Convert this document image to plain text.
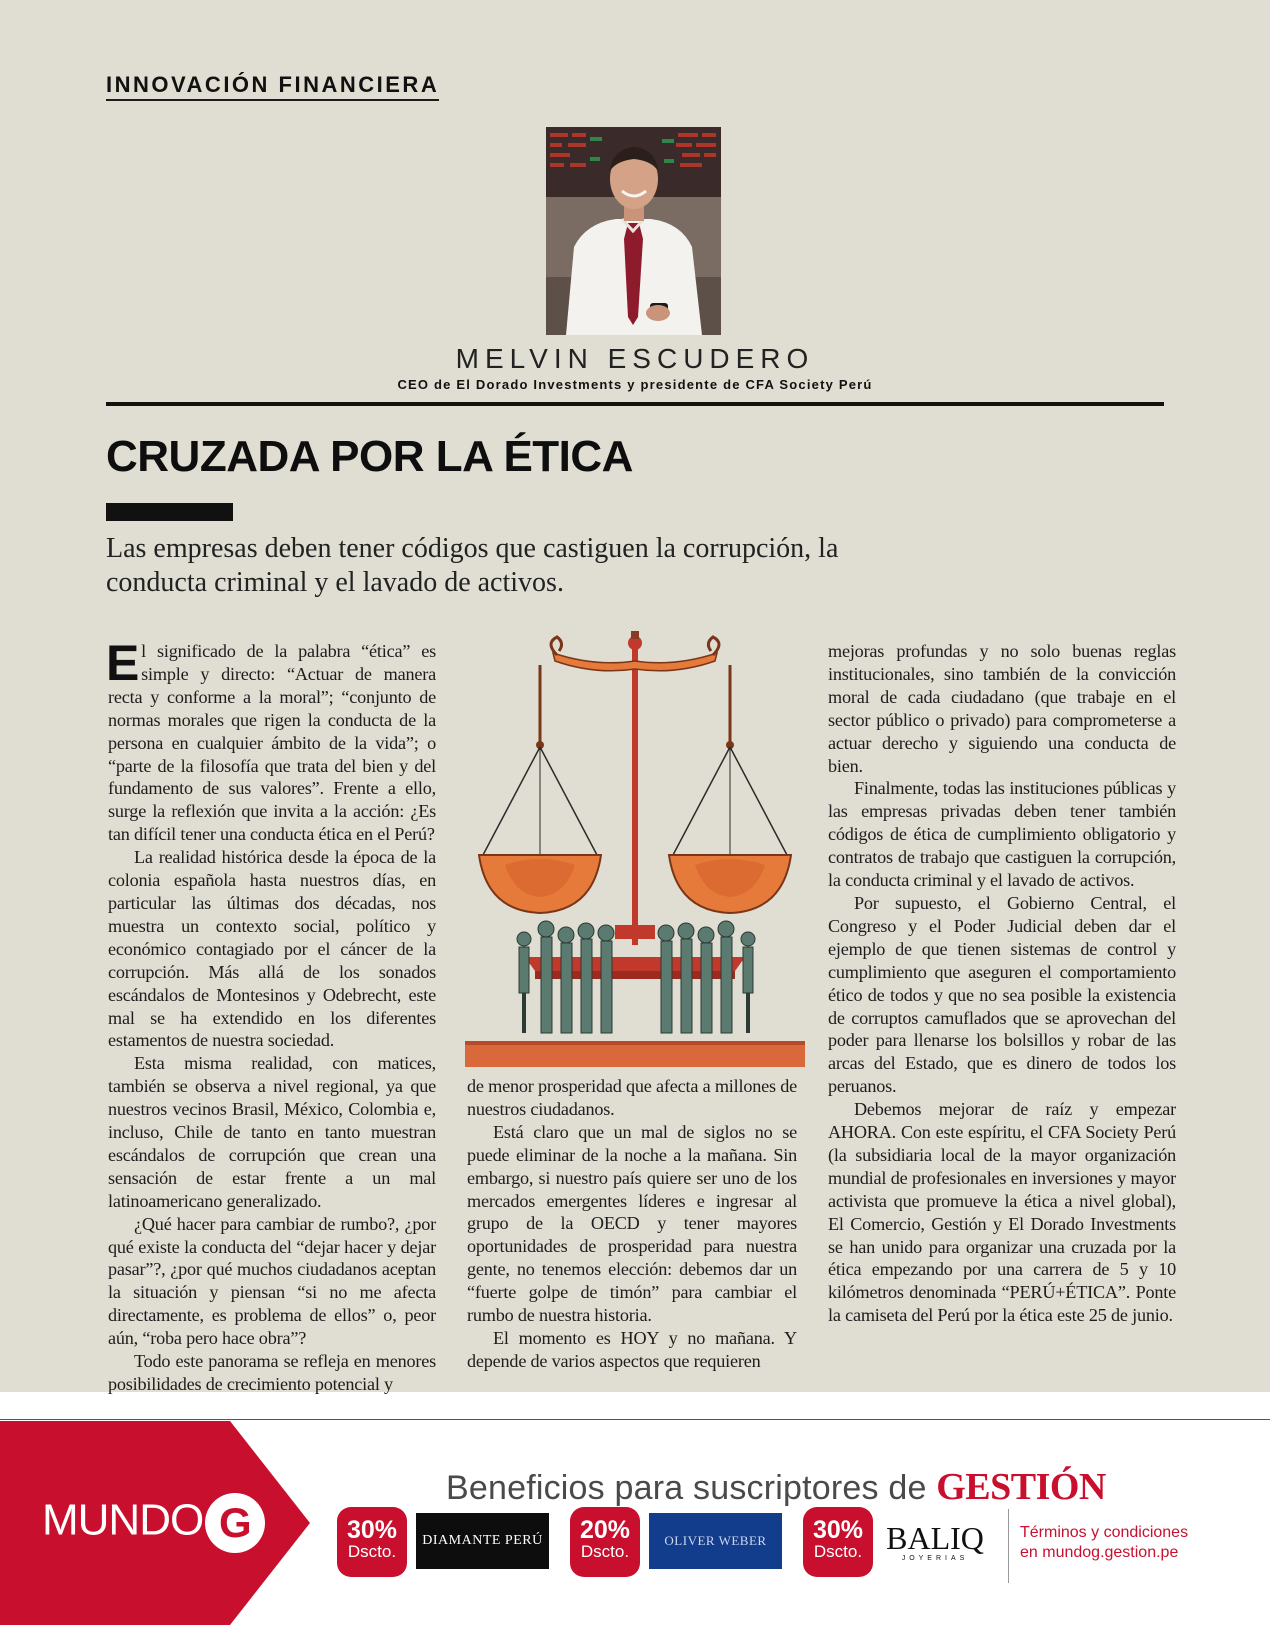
INNOVACIÓN FINANCIERA
MELVIN ESCUDERO
CEO de El Dorado Investments y presidente de CFA Society Perú
CRUZADA POR LA ÉTICA
Las empresas deben tener códigos que castiguen la corrupción, la conducta criminal y el lavado de activos.

El significado de la palabra “ética” es simple y directo: “Actuar de manera recta y conforme a la moral”; “conjunto de normas morales que rigen la conducta de la persona en cualquier ámbito de la vida”; o “parte de la filosofía que trata del bien y del fundamento de sus valores”. Frente a ello, surge la reflexión que invita a la acción: ¿Es tan difícil tener una conducta ética en el Perú?

La realidad histórica desde la época de la colonia española hasta nuestros días, en particular las últimas dos décadas, nos muestra un contexto social, político y económico contagiado por el cáncer de la corrupción. Más allá de los sonados escándalos de Montesinos y Odebrecht, este mal se ha extendido en los diferentes estamentos de nuestra sociedad.

Esta misma realidad, con matices, también se observa a nivel regional, ya que nuestros vecinos Brasil, México, Colombia e, incluso, Chile de tanto en tanto muestran escándalos de corrupción que crean una sensación de estar frente a un mal latinoamericano generalizado.

¿Qué hacer para cambiar de rumbo?, ¿por qué existe la conducta del “dejar hacer y dejar pasar”?, ¿por qué muchos ciudadanos aceptan la situación y piensan “si no me afecta directamente, es problema de ellos” o, peor aún, “roba pero hace obra”?

Todo este panorama se refleja en menores posibilidades de crecimiento potencial y

de menor prosperidad que afecta a millones de nuestros ciudadanos.

Está claro que un mal de siglos no se puede eliminar de la noche a la mañana. Sin embargo, si nuestro país quiere ser uno de los mercados emergentes líderes e ingresar al grupo de la OECD y tener mayores oportunidades de prosperidad para nuestra gente, no tenemos elección: debemos dar un “fuerte golpe de timón” para cambiar el rumbo de nuestra historia.

El momento es HOY y no mañana. Y depende de varios aspectos que requieren

mejoras profundas y no solo buenas reglas institucionales, sino también de la convicción moral de cada ciudadano (que trabaje en el sector público o privado) para comprometerse a actuar derecho y siguiendo una conducta de bien.

Finalmente, todas las instituciones públicas y las empresas privadas deben tener también códigos de ética de cumplimiento obligatorio y contratos de trabajo que castiguen la corrupción, la conducta criminal y el lavado de activos.

Por supuesto, el Gobierno Central, el Congreso y el Poder Judicial deben dar el ejemplo de que tienen sistemas de control y cumplimiento que aseguren el comportamiento ético de todos y que no sea posible la existencia de corruptos camuflados que se aprovechan del poder para llenarse los bolsillos y robar de las arcas del Estado, que es dinero de todos los peruanos.

Debemos mejorar de raíz y empezar AHORA. Con este espíritu, el CFA Society Perú (la subsidiaria local de la mayor organización mundial de profesionales en inversiones y mayor activista que promueve la ética a nivel global), El Comercio, Gestión y El Dorado Investments se han unido para organizar una cruzada por la ética empezando por una carrera de 5 y 10 kilómetros denominada “PERÚ+ÉTICA”. Ponte la camiseta del Perú por la ética este 25 de junio.

MUNDO G
Beneficios para suscriptores de GESTIÓN
30%
Dscto.
DIAMANTE PERÚ	20%
Dscto.
OLIVER WEBER	30%
Dscto. BALIQ
JOYERIAS
Términos y condiciones
en mundog.gestion.pe
